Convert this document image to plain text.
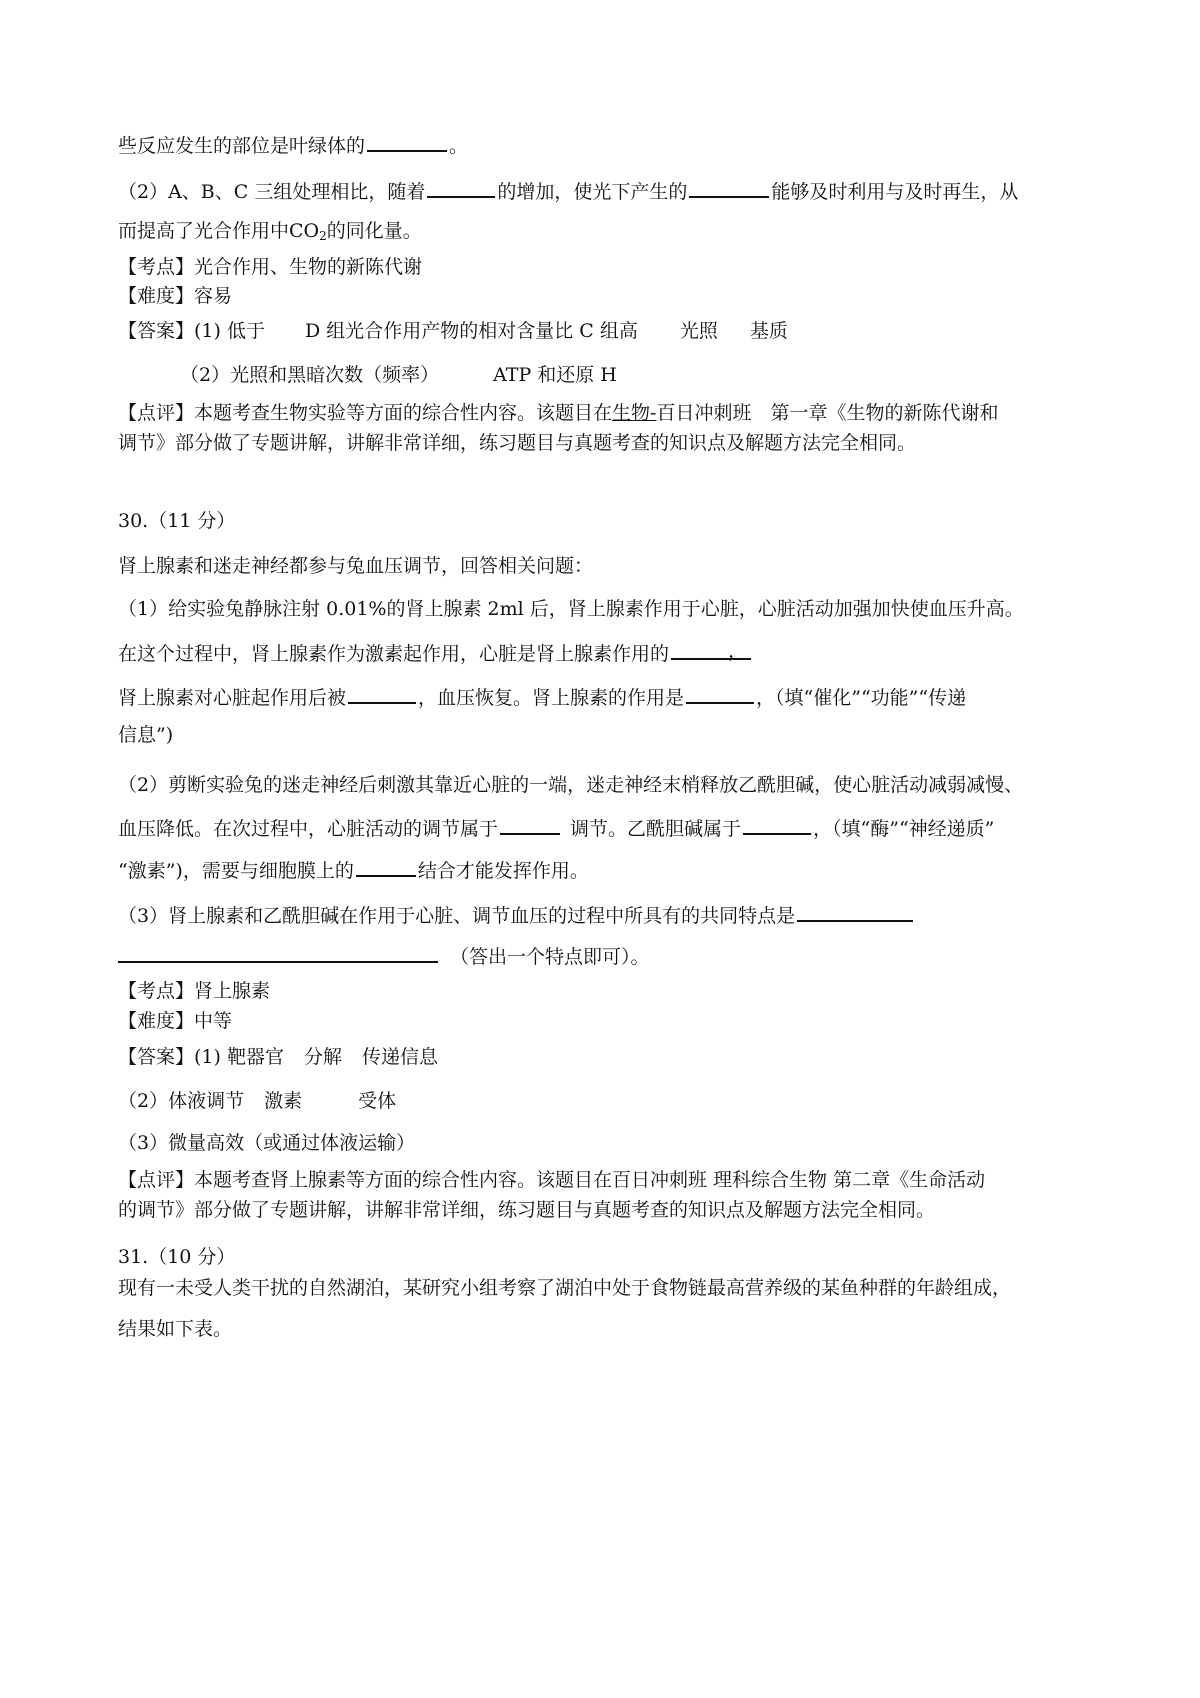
些反应发生的部位是叶绿体的	。
（2）A、B、C 三组处理相比，随着	的增加，使光下产生的	能够及时利用与及时再生，从
而提高了光合作用中$CO_2$的同化量。
【考点】光合作用、生物的新陈代谢
【难度】容易
【答案】(1) 低于 D 组光合作用产物的相对含量比 C 组高 光照 基质
（2）光照和黑暗次数（频率）	ATP 和还原 H
【点评】本题考查生物实验等方面的综合性内容。该题目在生物-百日冲刺班　第一章《生物的新陈代谢和
调节》部分做了专题讲解，讲解非常详细，练习题目与真题考查的知识点及解题方法完全相同。
30.（11 分）
肾上腺素和迷走神经都参与兔血压调节，回答相关问题：
（1）给实验兔静脉注射 0.01%的肾上腺素 2ml 后，肾上腺素作用于心脏，心脏活动加强加快使血压升高。
在这个过程中，肾上腺素作为激素起作用，心脏是肾上腺素作用的	，
肾上腺素对心脏起作用后被	，血压恢复。肾上腺素的作用是	，（填“催化”“功能”“传递
信息”)
（2）剪断实验兔的迷走神经后刺激其靠近心脏的一端，迷走神经末梢释放乙酰胆碱，使心脏活动减弱减慢、
血压降低。在次过程中，心脏活动的调节属于	调节。乙酰胆碱属于	，（填“酶”“神经递质”
“激素”)，需要与细胞膜上的	结合才能发挥作用。
（3）肾上腺素和乙酰胆碱在作用于心脏、调节血压的过程中所具有的共同特点是
（答出一个特点即可）。
【考点】肾上腺素
【难度】中等
【答案】(1) 靶器官 分解 传递信息
（2）体液调节 激素	受体
（3）微量高效（或通过体液运输）
【点评】本题考查肾上腺素等方面的综合性内容。该题目在百日冲刺班 理科综合生物 第二章《生命活动
的调节》部分做了专题讲解，讲解非常详细，练习题目与真题考查的知识点及解题方法完全相同。
31.（10 分）
现有一未受人类干扰的自然湖泊，某研究小组考察了湖泊中处于食物链最高营养级的某鱼种群的年龄组成，
结果如下表。
